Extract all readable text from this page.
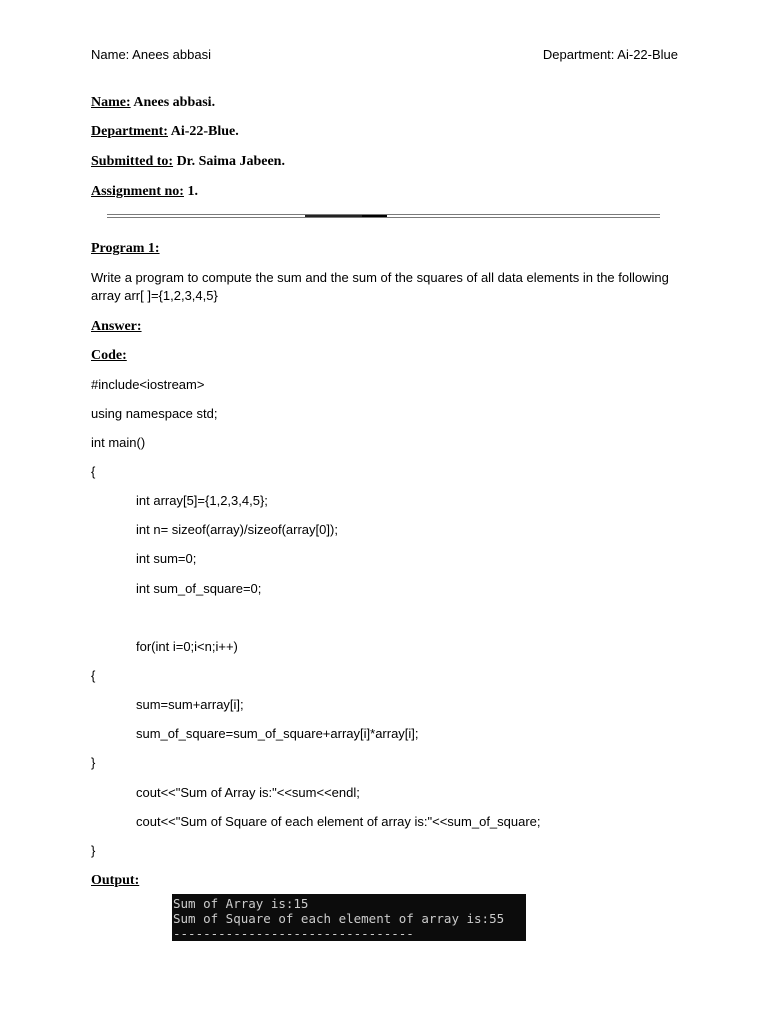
Name: Anees abbasi	Department: Ai-22-Blue
Name: Anees abbasi.
Department: Ai-22-Blue.
Submitted to: Dr. Saima Jabeen.
Assignment no: 1.
Program 1:
Write a program to compute the sum and the sum of the squares of all data elements in the following array arr[ ]={1,2,3,4,5}
Answer:
Code:
#include<iostream>
using namespace std;
int main()
{
int array[5]={1,2,3,4,5};
int n= sizeof(array)/sizeof(array[0]);
int sum=0;
int sum_of_square=0;
for(int i=0;i<n;i++)
{
sum=sum+array[i];
sum_of_square=sum_of_square+array[i]*array[i];
}
cout<<"Sum of Array is:"<<sum<<endl;
cout<<"Sum of Square of each element of array is:"<<sum_of_square;
}
Output:
Sum of Array is:15
Sum of Square of each element of array is:55
--------------------------------
